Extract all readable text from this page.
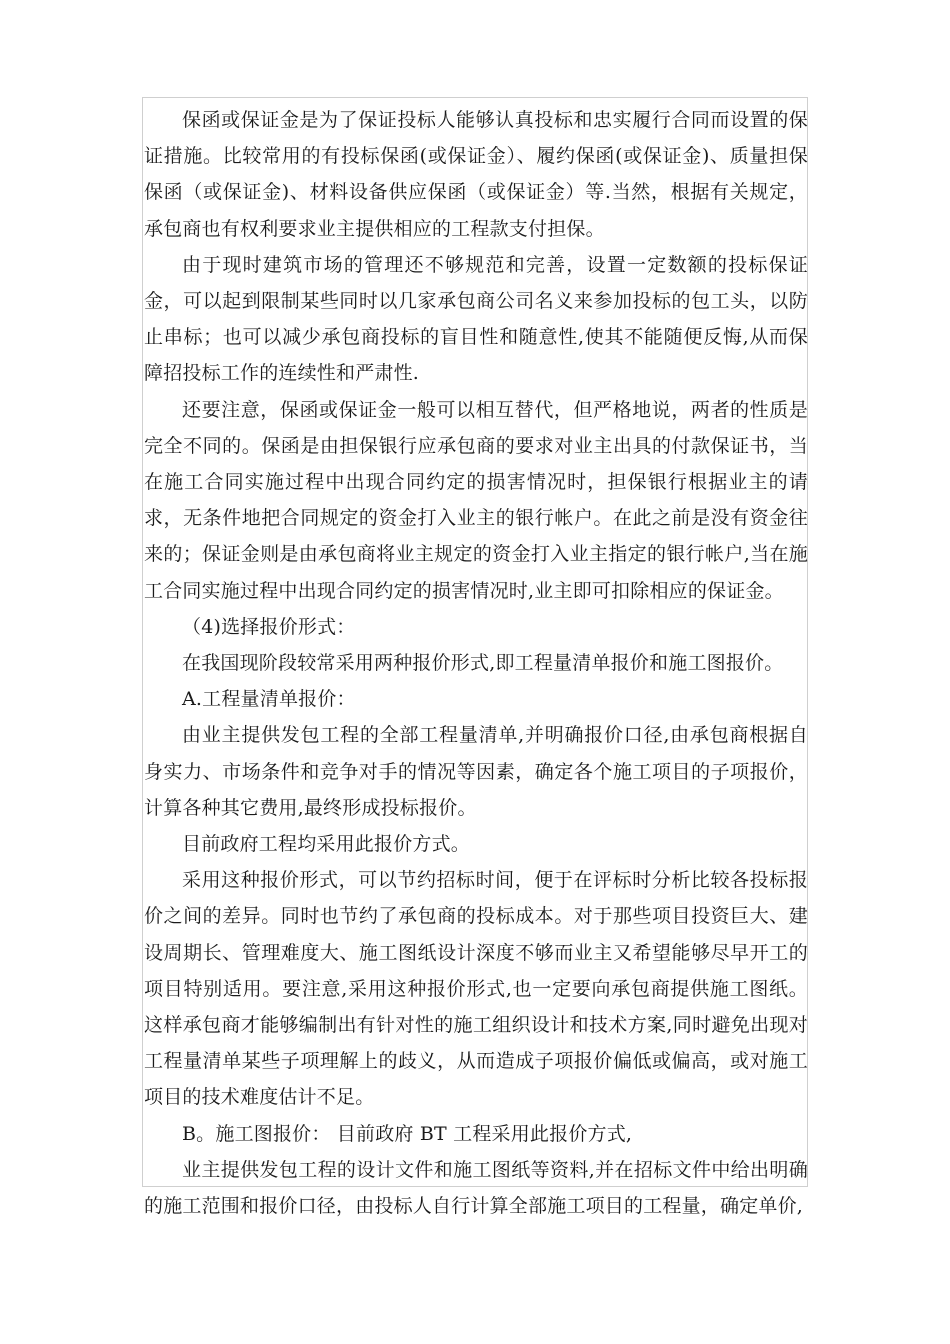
保函或保证金是为了保证投标人能够认真投标和忠实履行合同而设置的保证措施。比较常用的有投标保函(或保证金）、履约保函(或保证金)、质量担保保函（或保证金)、材料设备供应保函（或保证金）等.当然，根据有关规定，承包商也有权利要求业主提供相应的工程款支付担保。

由于现时建筑市场的管理还不够规范和完善，设置一定数额的投标保证金，可以起到限制某些同时以几家承包商公司名义来参加投标的包工头，以防止串标；也可以减少承包商投标的盲目性和随意性,使其不能随便反悔,从而保障招投标工作的连续性和严肃性.

还要注意，保函或保证金一般可以相互替代，但严格地说，两者的性质是完全不同的。保函是由担保银行应承包商的要求对业主出具的付款保证书，当在施工合同实施过程中出现合同约定的损害情况时，担保银行根据业主的请求，无条件地把合同规定的资金打入业主的银行帐户。在此之前是没有资金往来的；保证金则是由承包商将业主规定的资金打入业主指定的银行帐户,当在施工合同实施过程中出现合同约定的损害情况时,业主即可扣除相应的保证金。

（4)选择报价形式：

在我国现阶段较常采用两种报价形式,即工程量清单报价和施工图报价。

A.工程量清单报价：

由业主提供发包工程的全部工程量清单,并明确报价口径,由承包商根据自身实力、市场条件和竞争对手的情况等因素，确定各个施工项目的子项报价，计算各种其它费用,最终形成投标报价。

目前政府工程均采用此报价方式。

采用这种报价形式，可以节约招标时间，便于在评标时分析比较各投标报价之间的差异。同时也节约了承包商的投标成本。对于那些项目投资巨大、建设周期长、管理难度大、施工图纸设计深度不够而业主又希望能够尽早开工的项目特别适用。要注意,采用这种报价形式,也一定要向承包商提供施工图纸。这样承包商才能够编制出有针对性的施工组织设计和技术方案,同时避免出现对工程量清单某些子项理解上的歧义，从而造成子项报价偏低或偏高，或对施工项目的技术难度估计不足。

B。施工图报价： 目前政府 BT 工程采用此报价方式,

业主提供发包工程的设计文件和施工图纸等资料,并在招标文件中给出明确的施工范围和报价口径，由投标人自行计算全部施工项目的工程量，确定单价,
